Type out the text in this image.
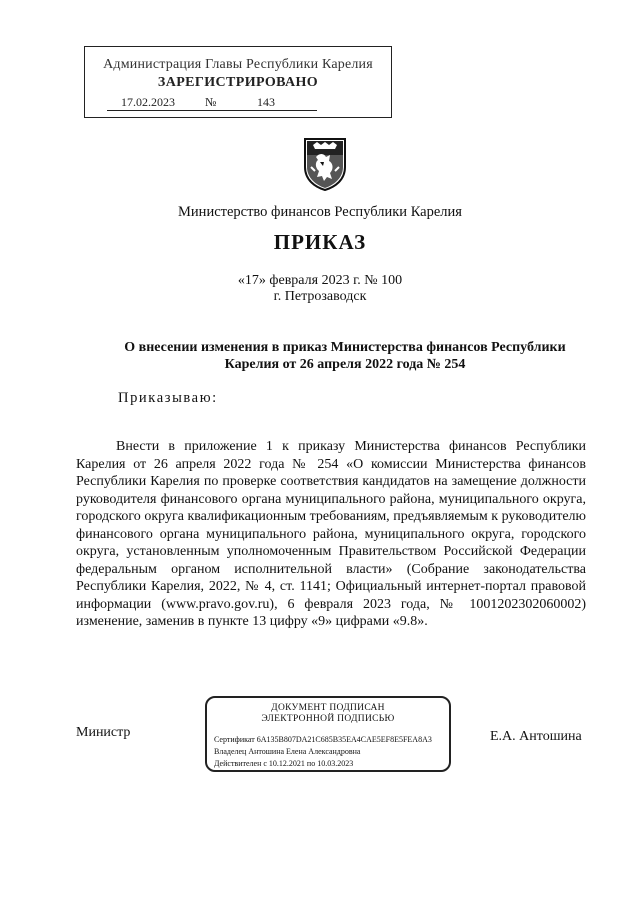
Администрация Главы Республики Карелия
ЗАРЕГИСТРИРОВАНО
17.02.2023	№	143
Министерство финансов Республики Карелия
ПРИКАЗ
«17» февраля 2023 г. № 100
г. Петрозаводск
О внесении изменения в приказ Министерства финансов Республики Карелия от 26 апреля 2022 года № 254
Приказываю:
Внести в приложение 1 к приказу Министерства финансов Республики Карелия от 26 апреля 2022 года № 254 «О комиссии Министерства финансов Республики Карелия по проверке соответствия кандидатов на замещение должности руководителя финансового органа муниципального района, муниципального округа, городского округа квалификационным требованиям, предъявляемым к руководителю финансового органа муниципального района, муниципального округа, городского округа, установленным уполномоченным Правительством Российской Федерации федеральным органом исполнительной власти» (Собрание законодательства Республики Карелия, 2022, № 4, ст. 1141; Официальный интернет-портал правовой информации (www.pravo.gov.ru), 6 февраля 2023 года, № 1001202302060002) изменение, заменив в пункте 13 цифру «9» цифрами «9.8».
Министр
ДОКУМЕНТ ПОДПИСАН
ЭЛЕКТРОННОЙ ПОДПИСЬЮ
Сертификат 6A135B807DA21C685B35EA4CAE5EF8E5FEA8A3
Владелец Антошина Елена Александровна
Действителен с 10.12.2021 по 10.03.2023
Е.А. Антошина
